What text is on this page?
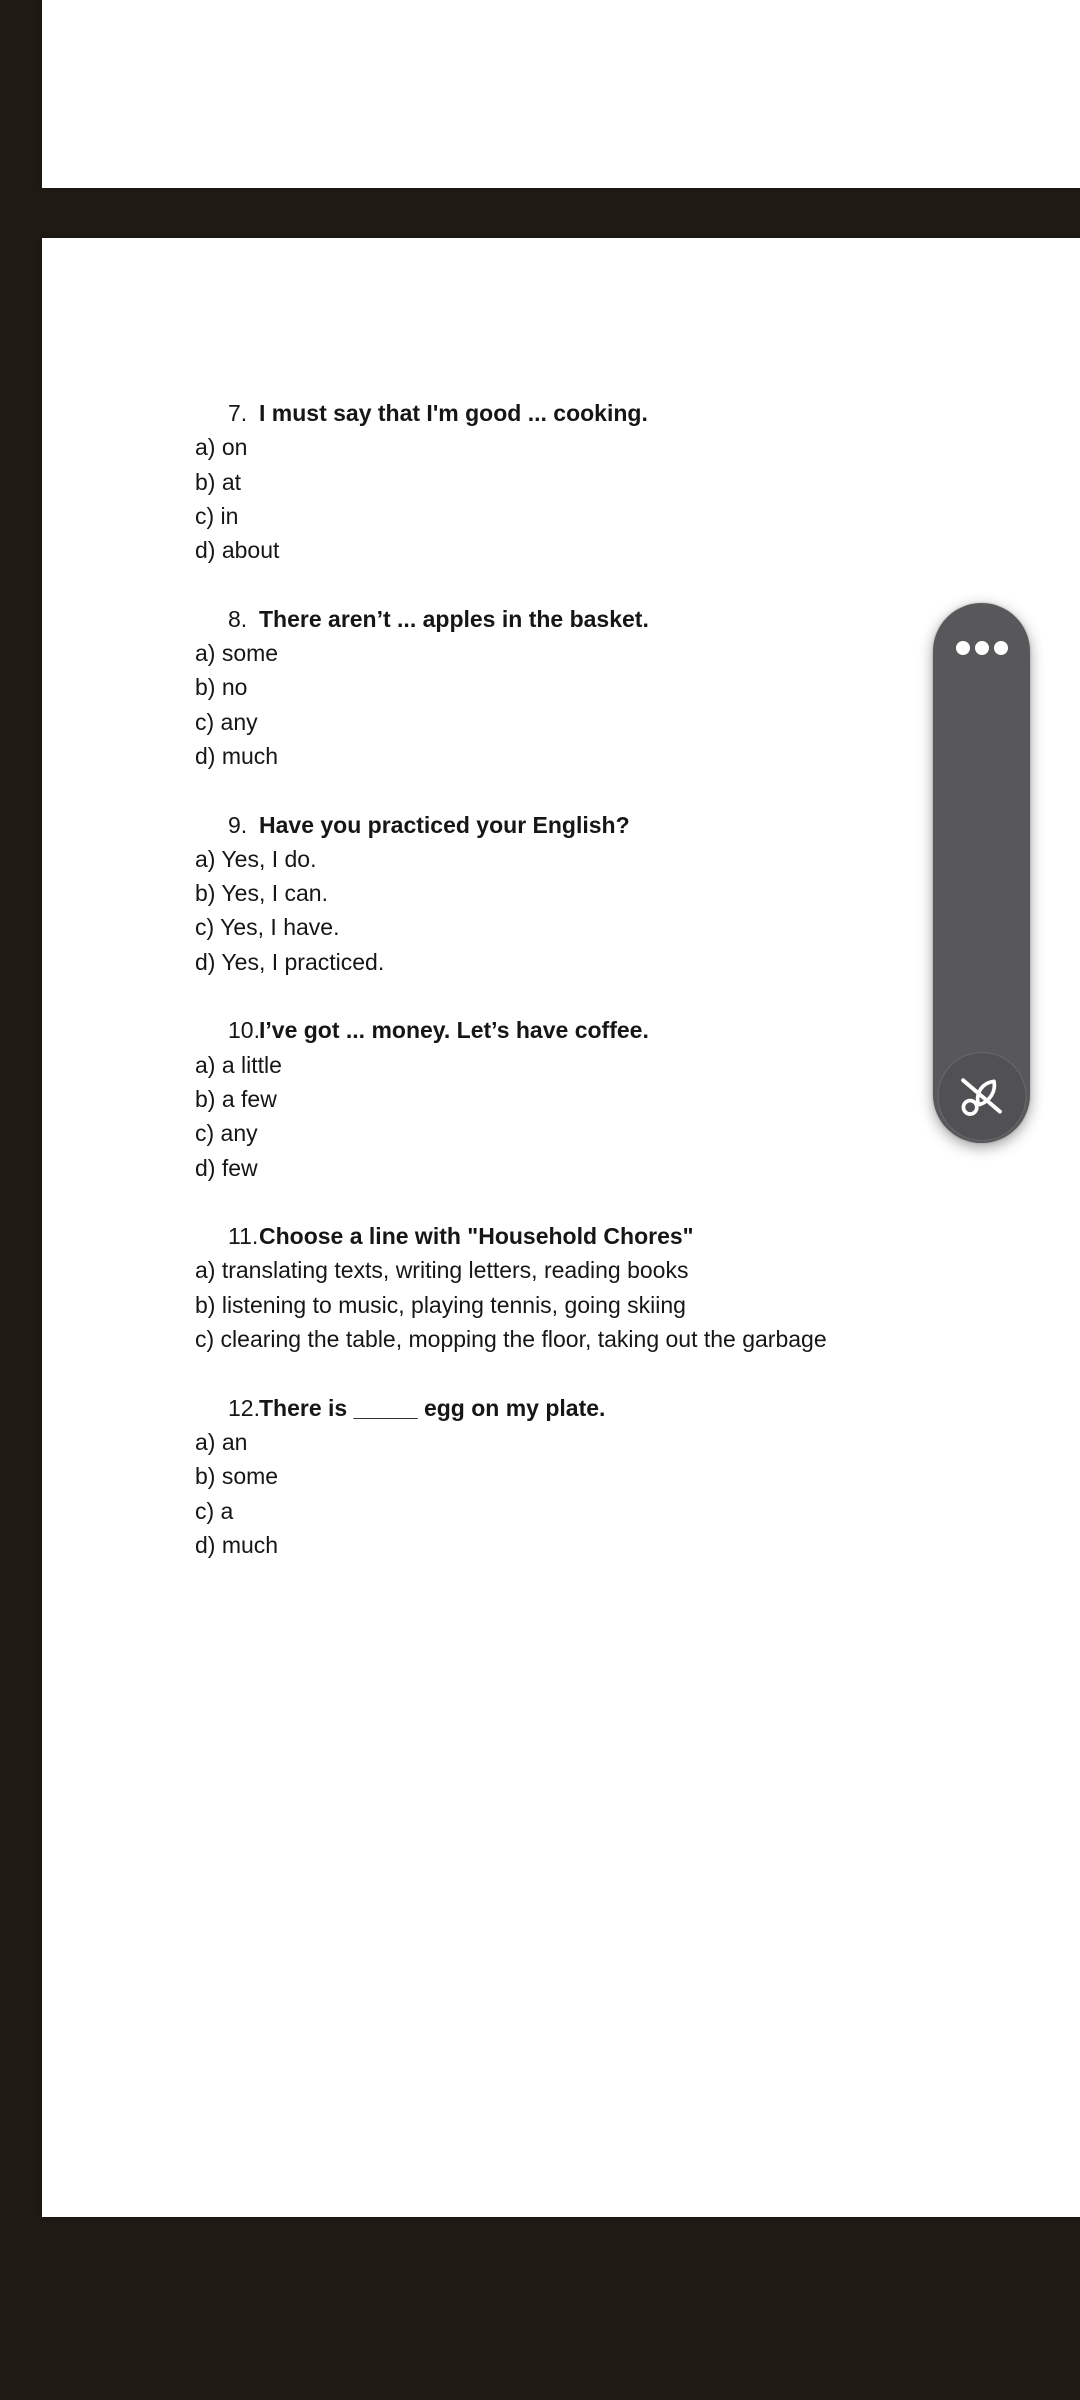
7. I must say that I'm good ... cooking.
a) on
b) at
c) in
d) about
8. There aren’t ... apples in the basket.
a) some
b) no
c) any
d) much
9. Have you practiced your English?
a) Yes, I do.
b) Yes, I can.
c) Yes, I have.
d) Yes, I practiced.
10.I’ve got ... money. Let’s have coffee.
a) a little
b) a few
c) any
d) few
11.Choose a line with "Household Chores"
a) translating texts, writing letters, reading books
b) listening to music, playing tennis, going skiing
c) clearing the table, mopping the floor, taking out the garbage
12.There is _____ egg on my plate.
a) an
b) some
c) a
d) much
